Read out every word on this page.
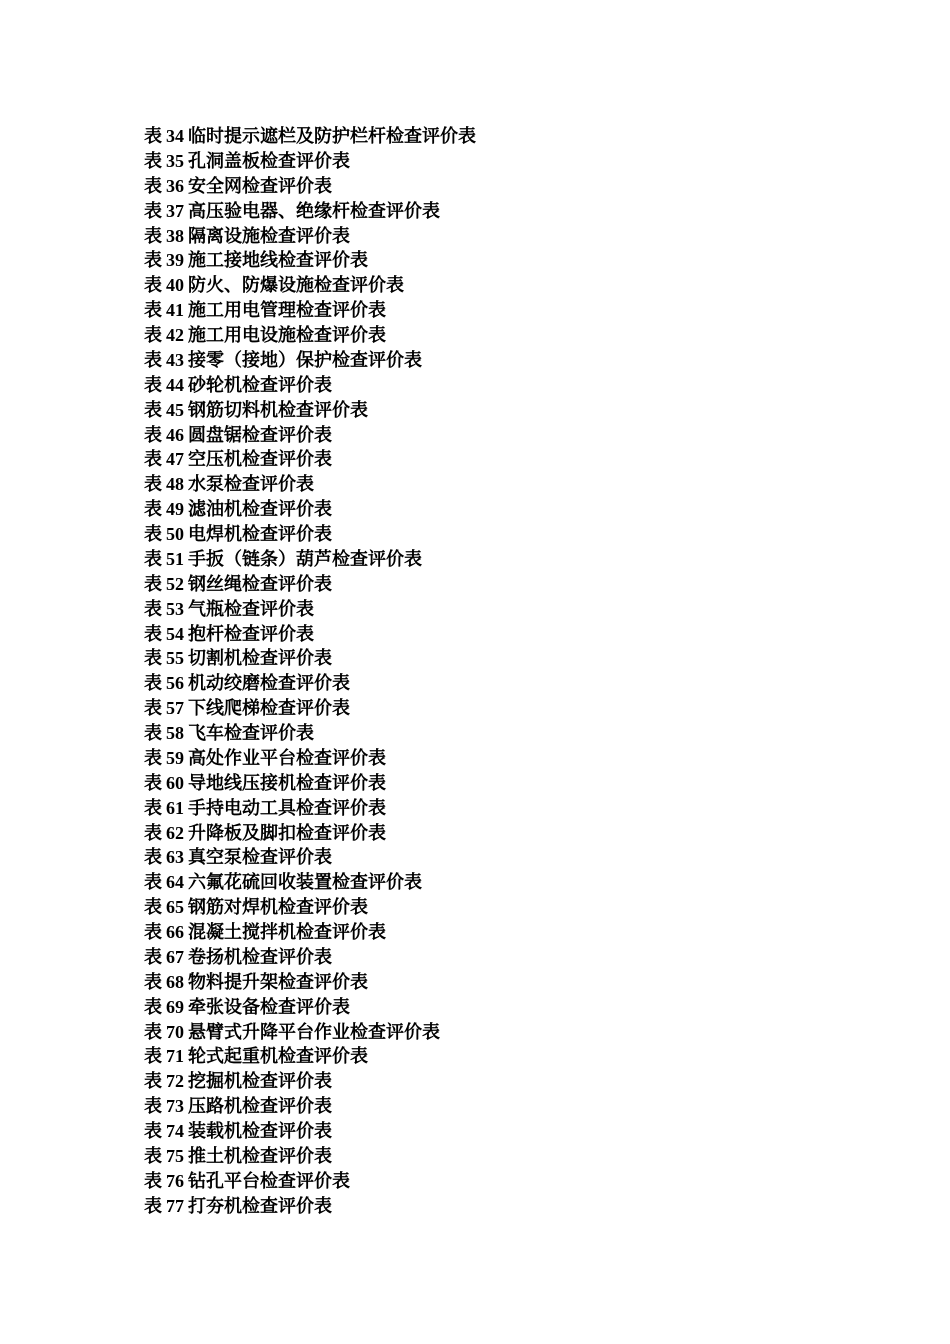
表 34 临时提示遮栏及防护栏杆检查评价表
表 35 孔洞盖板检查评价表
表 36 安全网检查评价表
表 37 高压验电器、绝缘杆检查评价表
表 38 隔离设施检查评价表
表 39 施工接地线检查评价表
表 40 防火、防爆设施检查评价表
表 41 施工用电管理检查评价表
表 42 施工用电设施检查评价表
表 43 接零（接地）保护检查评价表
表 44 砂轮机检查评价表
表 45 钢筋切料机检查评价表
表 46 圆盘锯检查评价表
表 47 空压机检查评价表
表 48 水泵检查评价表
表 49 滤油机检查评价表
表 50 电焊机检查评价表
表 51 手扳（链条）葫芦检查评价表
表 52 钢丝绳检查评价表
表 53 气瓶检查评价表
表 54 抱杆检查评价表
表 55 切割机检查评价表
表 56 机动绞磨检查评价表
表 57 下线爬梯检查评价表
表 58 飞车检查评价表
表 59 高处作业平台检查评价表
表 60 导地线压接机检查评价表
表 61 手持电动工具检查评价表
表 62 升降板及脚扣检查评价表
表 63 真空泵检查评价表
表 64 六氟花硫回收装置检查评价表
表 65 钢筋对焊机检查评价表
表 66 混凝土搅拌机检查评价表
表 67 卷扬机检查评价表
表 68 物料提升架检查评价表
表 69 牵张设备检查评价表
表 70 悬臂式升降平台作业检查评价表
表 71 轮式起重机检查评价表
表 72 挖掘机检查评价表
表 73 压路机检查评价表
表 74 装载机检查评价表
表 75 推土机检查评价表
表 76 钻孔平台检查评价表
表 77 打夯机检查评价表
